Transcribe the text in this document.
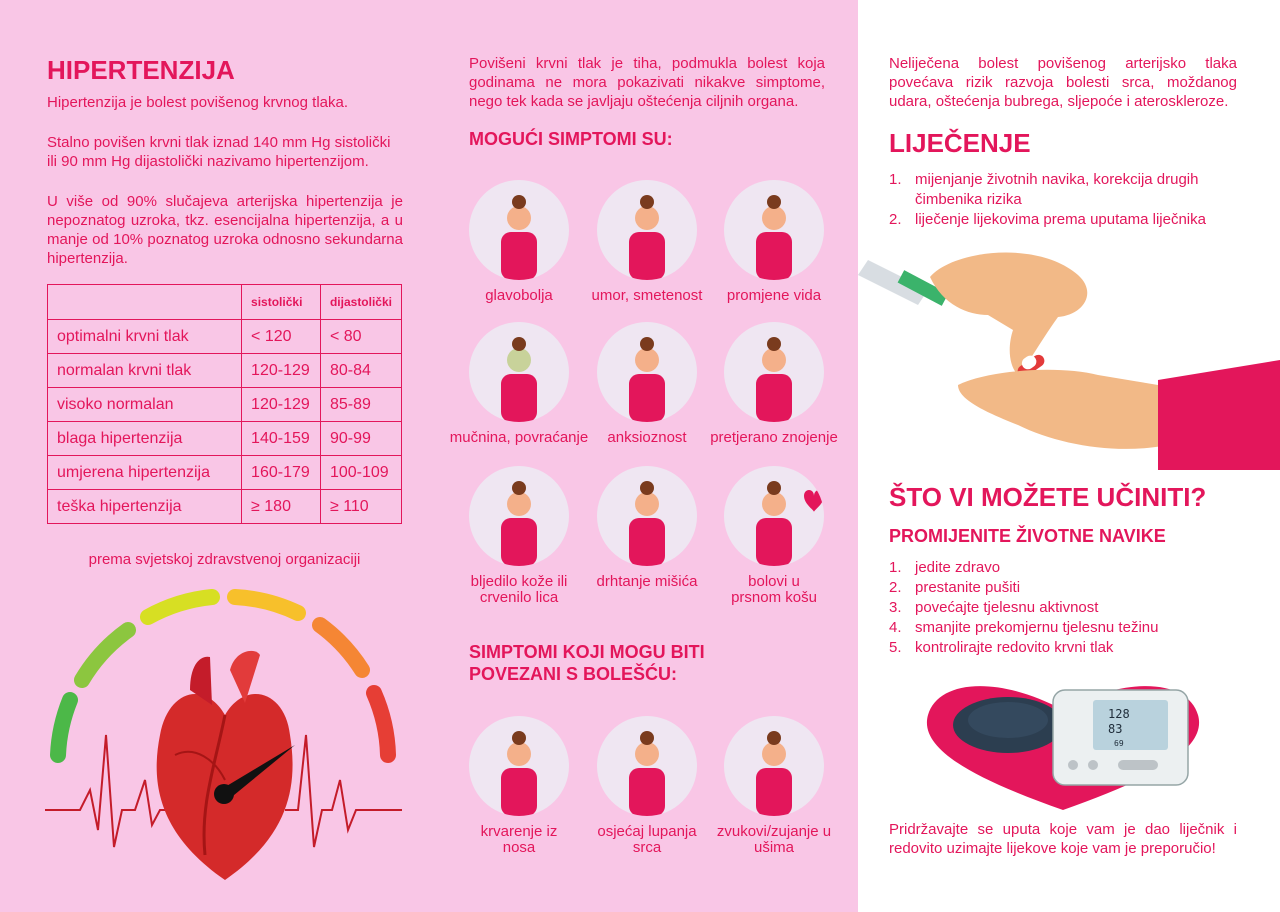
HIPERTENZIJA
Hipertenzija je bolest povišenog krvnog tlaka.
Stalno povišen krvni tlak iznad 140 mm Hg sistolički ili 90 mm Hg dijastolički nazivamo hipertenzijom.
U više od 90% slučajeva arterijska hipertenzija je nepoznatog uzroka, tkz. esencijalna hipertenzija, a u manje od 10% poznatog uzroka odnosno sekundarna hipertenzija.
	sistolički	dijastolički
optimalni krvni tlak	< 120	< 80
normalan krvni tlak	120-129	80-84
visoko normalan	120-129	85-89
blaga hipertenzija	140-159	90-99
umjerena hipertenzija	160-179	100-109
teška hipertenzija	≥ 180	≥ 110
prema svjetskoj zdravstvenoj organizaciji
Povišeni krvni tlak je tiha, podmukla bolest koja godinama ne mora pokazivati nikakve simptome, nego tek kada se javljaju oštećenja ciljnih organa.
MOGUĆI SIMPTOMI SU:
glavobolja	umor, smetenost	promjene vida
mučnina, povraćanje	anksioznost	pretjerano znojenje
bljedilo kože ili crvenilo lica
drhtanje mišića	bolovi u prsnom košu
SIMPTOMI KOJI MOGU BITI POVEZANI S BOLEŠĆU:
krvarenje iz nosa
osjećaj lupanja srca
zvukovi/zujanje u ušima
Neliječena bolest povišenog arterijsko tlaka povećava rizik razvoja bolesti srca, moždanog udara, oštećenja bubrega, sljepoće i ateroskleroze.
LIJEČENJE
1. mijenjanje životnih navika, korekcija drugih čimbenika rizika
2. liječenje lijekovima prema uputama liječnika
ŠTO VI MOŽETE UČINITI?
PROMIJENITE ŽIVOTNE NAVIKE
1. jedite zdravo
2. prestanite pušiti
3. povećajte tjelesnu aktivnost
4. smanjite prekomjernu tjelesnu težinu
5. kontrolirajte redovito krvni tlak
128
83
69
Pridržavajte se uputa koje vam je dao liječnik i redovito uzimajte lijekove koje vam je preporučio!
